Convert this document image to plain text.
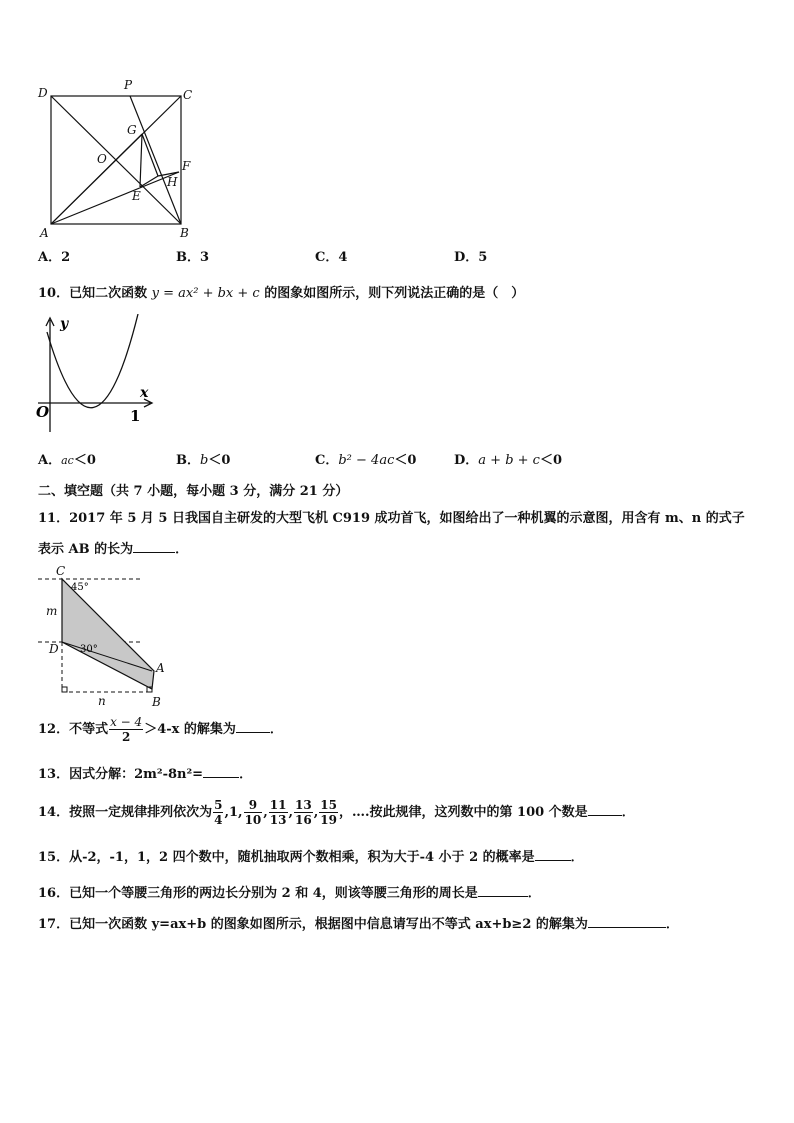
D
P
C
G
O	F
H
E
A	B
A．2	B．3	C．4	D．5
10．已知二次函数 y = ax² + bx + c 的图象如图所示，则下列说法正确的是（　）
y
x
O	1
A．ac＜0	B．b＜0	C．b² − 4ac＜0	D．a + b + c＜0
二、填空题（共 7 小题，每小题 3 分，满分 21 分）
11．2017 年 5 月 5 日我国自主研发的大型飞机 C919 成功首飞，如图给出了一种机翼的示意图，用含有 m、n 的式子
表示 AB 的长为	．
C
m
D
A
B
n
45°
30°
12．不等式 $\frac{x - 4}{2} >4-x$ 的解集为	．
13．因式分解：2m²-8n²=	．
14．按照一定规律排列依次为 $\frac{5}{4} ,1$, $\frac{9}{10}$ , $\frac{11}{13}$ , $\frac{13}{16}$ , $\frac{15}{19}$ ，….按此规律，这列数中的第 100 个数是	．
15．从-2，-1，1，2 四个数中，随机抽取两个数相乘，积为大于-4 小于 2 的概率是	．
16．已知一个等腰三角形的两边长分别为 2 和 4，则该等腰三角形的周长是	．
17．已知一次函数 y=ax+b 的图象如图所示，根据图中信息请写出不等式 ax+b≥2 的解集为	．
